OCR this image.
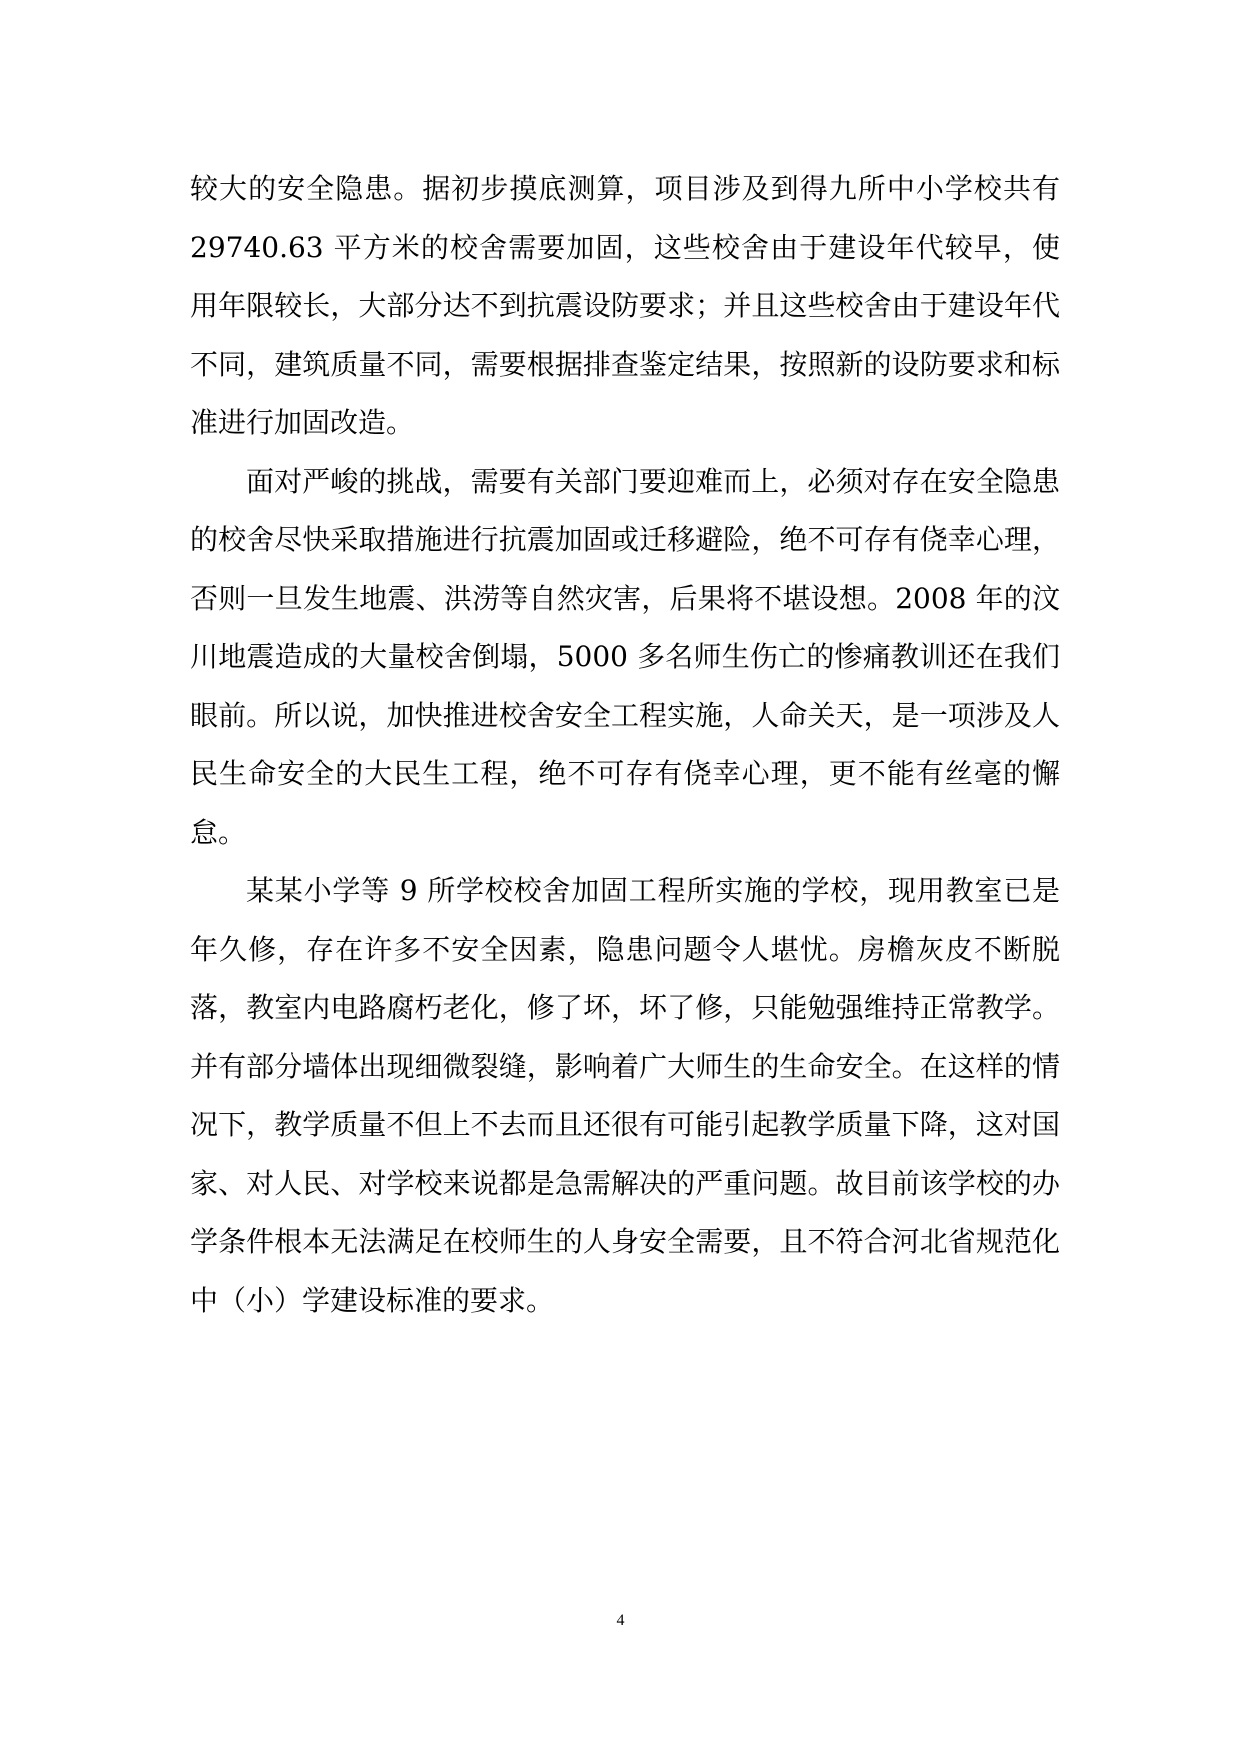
较大的安全隐患。据初步摸底测算，项目涉及到得九所中小学校共有 29740.63 平方米的校舍需要加固，这些校舍由于建设年代较早，使用年限较长，大部分达不到抗震设防要求；并且这些校舍由于建设年代不同，建筑质量不同，需要根据排查鉴定结果，按照新的设防要求和标准进行加固改造。

面对严峻的挑战，需要有关部门要迎难而上，必须对存在安全隐患的校舍尽快采取措施进行抗震加固或迁移避险，绝不可存有侥幸心理，否则一旦发生地震、洪涝等自然灾害，后果将不堪设想。2008 年的汶川地震造成的大量校舍倒塌，5000 多名师生伤亡的惨痛教训还在我们眼前。所以说，加快推进校舍安全工程实施，人命关天，是一项涉及人民生命安全的大民生工程，绝不可存有侥幸心理，更不能有丝毫的懈怠。

某某小学等 9 所学校校舍加固工程所实施的学校，现用教室已是年久修，存在许多不安全因素，隐患问题令人堪忧。房檐灰皮不断脱落，教室内电路腐朽老化，修了坏，坏了修，只能勉强维持正常教学。并有部分墙体出现细微裂缝，影响着广大师生的生命安全。在这样的情况下，教学质量不但上不去而且还很有可能引起教学质量下降，这对国家、对人民、对学校来说都是急需解决的严重问题。故目前该学校的办学条件根本无法满足在校师生的人身安全需要，且不符合河北省规范化中（小）学建设标准的要求。

4
